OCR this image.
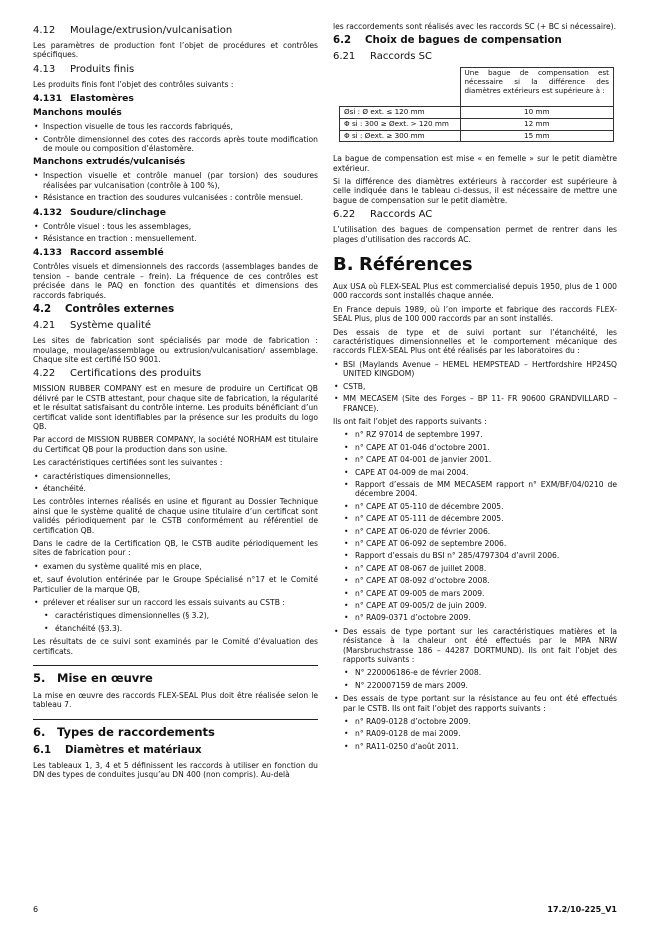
4.12	Moulage/extrusion/vulcanisation

Les paramètres de production font l’objet de procédures et contrôles spécifiques.

4.13	Produits finis

Les produits finis font l’objet des contrôles suivants :

4.131 Elastomères
Manchons moulés
• Inspection visuelle de tous les raccords fabriqués,
• Contrôle dimensionnel des cotes des raccords après toute modification de moule ou composition d’élastomère.
Manchons extrudés/vulcanisés
• Inspection visuelle et contrôle manuel (par torsion) des soudures réalisées par vulcanisation (contrôle à 100 %),
• Résistance en traction des soudures vulcanisées : contrôle mensuel.
4.132 Soudure/clinchage
• Contrôle visuel : tous les assemblages,
• Résistance en traction : mensuellement.
4.133 Raccord assemblé

Contrôles visuels et dimensionnels des raccords (assemblages bandes de tension – bande centrale – frein). La fréquence de ces contrôles est précisée dans le PAQ en fonction des quantités et dimensions des raccords fabriqués.

4.2	Contrôles externes
4.21	Système qualité

Les sites de fabrication sont spécialisés par mode de fabrication : moulage, moulage/assemblage ou extrusion/vulcanisation/ assemblage. Chaque site est certifié ISO 9001.

4.22	Certifications des produits

MISSION RUBBER COMPANY est en mesure de produire un Certificat QB délivré par le CSTB attestant, pour chaque site de fabrication, la régularité et le résultat satisfaisant du contrôle interne. Les produits bénéficiant d’un certificat valide sont identifiables par la présence sur les produits du logo QB.

Par accord de MISSION RUBBER COMPANY, la société NORHAM est titulaire du Certificat QB pour la production dans son usine.

Les caractéristiques certifiées sont les suivantes :

• caractéristiques dimensionnelles,
• étanchéité.

Les contrôles internes réalisés en usine et figurant au Dossier Technique ainsi que le système qualité de chaque usine titulaire d’un certificat sont validés périodiquement par le CSTB conformément au référentiel de certification QB.

Dans le cadre de la Certification QB, le CSTB audite périodiquement les sites de fabrication pour :

• examen du système qualité mis en place,

et, sauf évolution entérinée par le Groupe Spécialisé n°17 et le Comité Particulier de la marque QB,

• prélever et réaliser sur un raccord les essais suivants au CSTB :
• caractéristiques dimensionnelles (§ 3.2),
• étanchéité (§3.3).

Les résultats de ce suivi sont examinés par le Comité d’évaluation des certificats.

5.	Mise en œuvre

La mise en œuvre des raccords FLEX-SEAL Plus doit être réalisée selon le tableau 7.

6.	Types de raccordements
6.1	Diamètres et matériaux

Les tableaux 1, 3, 4 et 5 définissent les raccords à utiliser en fonction du DN des types de conduites jusqu’au DN 400 (non compris). Au-delà

les raccordements sont réalisés avec les raccords SC (+ BC si nécessaire).

6.2	Choix de bagues de compensation
6.21	Raccords SC
	Une bague de compensation est nécessaire si la différence des diamètres extérieurs est supérieure à :
Øsi : Ø ext. ≤ 120 mm	10 mm
Φ si : 300 ≥ Øext. > 120 mm	12 mm
Φ si : Øext. ≥ 300 mm	15 mm

La bague de compensation est mise « en femelle » sur le petit diamètre extérieur.

Si la différence des diamètres extérieurs à raccorder est supérieure à celle indiquée dans le tableau ci-dessus, il est nécessaire de mettre une bague de compensation sur le petit diamètre.

6.22	Raccords AC

L’utilisation des bagues de compensation permet de rentrer dans les plages d’utilisation des raccords AC.

B. Références

Aux USA où FLEX-SEAL Plus est commercialisé depuis 1950, plus de 1 000 000 raccords sont installés chaque année.

En France depuis 1989, où l’on importe et fabrique des raccords FLEX-SEAL Plus, plus de 100 000 raccords par an sont installés.

Des essais de type et de suivi portant sur l’étanchéité, les caractéristiques dimensionnelles et le comportement mécanique des raccords FLEX-SEAL Plus ont été réalisés par les laboratoires du :

• BSI (Maylands Avenue – HEMEL HEMPSTEAD – Hertfordshire HP24SQ UNITED KINGDOM)
• CSTB,
• MM MECASEM (Site des Forges – BP 11- FR 90600 GRANDVILLARD – FRANCE).

Ils ont fait l’objet des rapports suivants :

• n° RZ 97014 de septembre 1997.
• n° CAPE AT 01-046 d’octobre 2001.
• n° CAPE AT 04-001 de janvier 2001.
• CAPE AT 04-009 de mai 2004.
• Rapport d’essais de MM MECASEM rapport n° EXM/BF/04/0210 de décembre 2004.
• n° CAPE AT 05-110 de décembre 2005.
• n° CAPE AT 05-111 de décembre 2005.
• n° CAPE AT 06-020 de février 2006.
• n° CAPE AT 06-092 de septembre 2006.
• Rapport d’essais du BSI n° 285/4797304 d’avril 2006.
• n° CAPE AT 08-067 de juillet 2008.
• n° CAPE AT 08-092 d’octobre 2008.
• n° CAPE AT 09-005 de mars 2009.
• n° CAPE AT 09-005/2 de juin 2009.
• n° RA09-0371 d’octobre 2009.
• Des essais de type portant sur les caractéristiques matières et la résistance à la chaleur ont été effectués par le MPA NRW (Marsbruchstrasse 186 – 44287 DORTMUND). Ils ont fait l’objet des rapports suivants :
• N° 220006186-e de février 2008.
• N° 220007159 de mars 2009.
• Des essais de type portant sur la résistance au feu ont été effectués par le CSTB. Ils ont fait l’objet des rapports suivants :
• n° RA09-0128 d’octobre 2009.
• n° RA09-0128 de mai 2009.
• n° RA11-0250 d’août 2011.
6	17.2/10-225_V1
